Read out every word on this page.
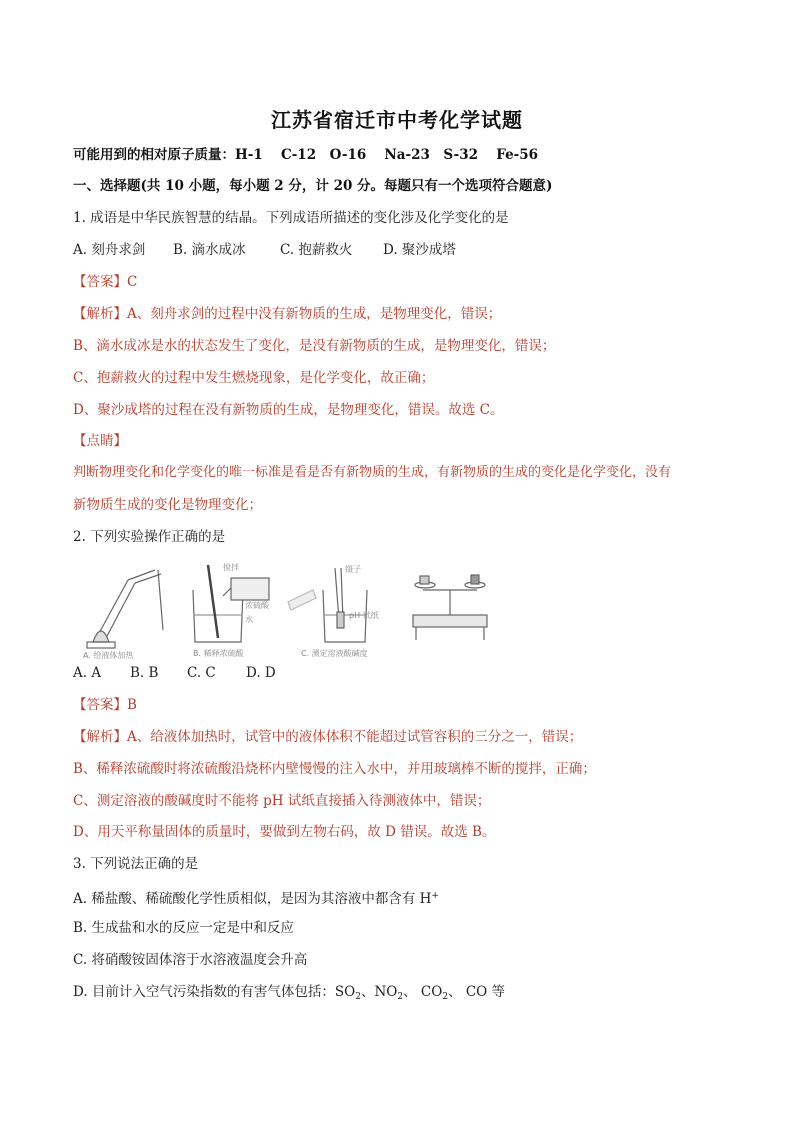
江苏省宿迁市中考化学试题
可能用到的相对原子质量：H-1　 C-12　O-16　 Na-23　S-32　 Fe-56
一、选择题(共 10 小题，每小题 2 分，计 20 分。每题只有一个选项符合题意)
1. 成语是中华民族智慧的结晶。下列成语所描述的变化涉及化学变化的是
A. 刻舟求剑 B. 滴水成冰	C. 抱薪救火 D. 聚沙成塔
【答案】C
【解析】A、刻舟求剑的过程中没有新物质的生成，是物理变化，错误；
B、滴水成冰是水的状态发生了变化，是没有新物质的生成，是物理变化，错误；
C、抱薪救火的过程中发生燃烧现象，是化学变化，故正确；
D、聚沙成塔的过程在没有新物质的生成，是物理变化，错误。故选 C。
【点睛】
判断物理变化和化学变化的唯一标准是看是否有新物质的生成，有新物质的生成的变化是化学变化，没有
新物质生成的变化是物理变化；
2. 下列实验操作正确的是
A. 给液体加热
搅拌
浓硫酸
水
B. 稀释浓硫酸
镊子
pH 试纸
C. 测定溶液酸碱度
A. A B. B C. C D. D
【答案】B
【解析】A、给液体加热时，试管中的液体体积不能超过试管容积的三分之一，错误；
B、稀释浓硫酸时将浓硫酸沿烧杯内壁慢慢的注入水中，并用玻璃棒不断的搅拌，正确；
C、测定溶液的酸碱度时不能将 pH 试纸直接插入待测液体中，错误；
D、用天平称量固体的质量时，要做到左物右码，故 D 错误。故选 B。
3. 下列说法正确的是
A. 稀盐酸、稀硫酸化学性质相似，是因为其溶液中都含有 H+
B. 生成盐和水的反应一定是中和反应
C. 将硝酸铵固体溶于水溶液温度会升高
D. 目前计入空气污染指数的有害气体包括：$SO_2$、$NO_2$、 $CO_2$、 CO 等
